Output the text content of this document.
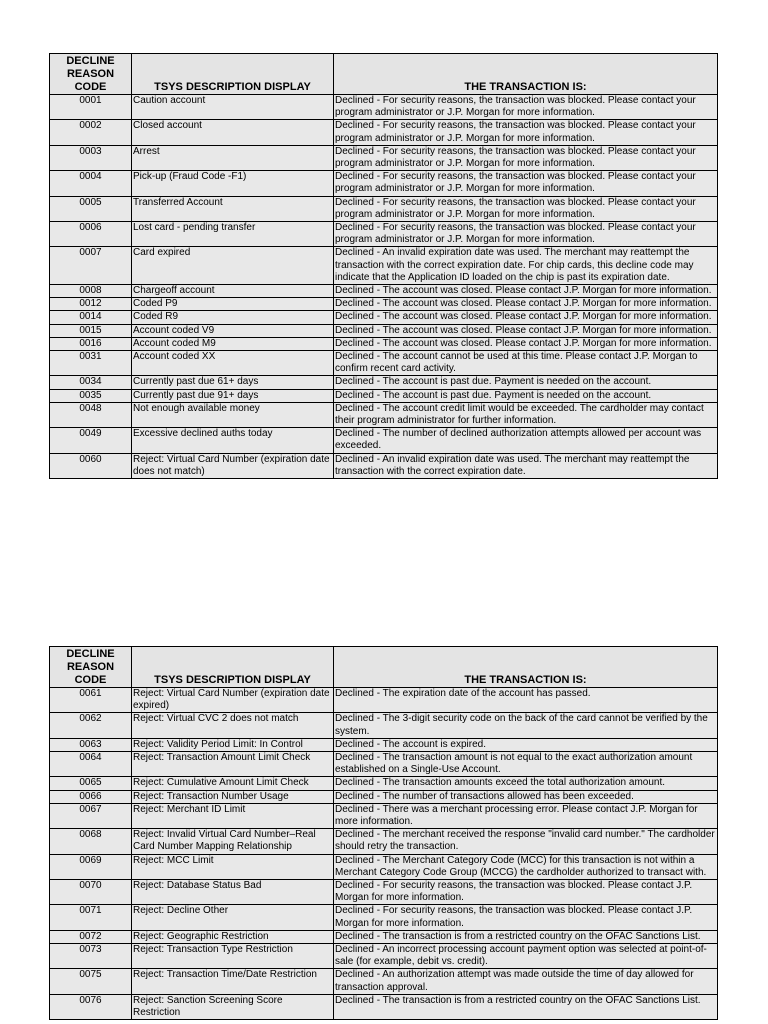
DECLINE
REASON
CODE	TSYS DESCRIPTION DISPLAY	THE TRANSACTION IS:
0001	Caution account	Declined - For security reasons, the transaction was blocked. Please contact your program administrator or J.P. Morgan for more information.
0002	Closed account	Declined - For security reasons, the transaction was blocked. Please contact your program administrator or J.P. Morgan for more information.
0003	Arrest	Declined - For security reasons, the transaction was blocked. Please contact your program administrator or J.P. Morgan for more information.
0004	Pick-up (Fraud Code -F1)	Declined - For security reasons, the transaction was blocked. Please contact your program administrator or J.P. Morgan for more information.
0005	Transferred Account	Declined - For security reasons, the transaction was blocked. Please contact your program administrator or J.P. Morgan for more information.
0006	Lost card - pending transfer	Declined - For security reasons, the transaction was blocked. Please contact your program administrator or J.P. Morgan for more information.
0007	Card expired	Declined - An invalid expiration date was used. The merchant may reattempt the transaction with the correct expiration date. For chip cards, this decline code may indicate that the Application ID loaded on the chip is past its expiration date.
0008	Chargeoff account	Declined - The account was closed. Please contact J.P. Morgan for more information.
0012	Coded P9	Declined - The account was closed. Please contact J.P. Morgan for more information.
0014	Coded R9	Declined - The account was closed. Please contact J.P. Morgan for more information.
0015	Account coded V9	Declined - The account was closed. Please contact J.P. Morgan for more information.
0016	Account coded M9	Declined - The account was closed. Please contact J.P. Morgan for more information.
0031	Account coded XX	Declined - The account cannot be used at this time. Please contact J.P. Morgan to confirm recent card activity.
0034	Currently past due 61+ days	Declined - The account is past due. Payment is needed on the account.
0035	Currently past due 91+ days	Declined - The account is past due. Payment is needed on the account.
0048	Not enough available money	Declined - The account credit limit would be exceeded. The cardholder may contact their program administrator for further information.
0049	Excessive declined auths today	Declined - The number of declined authorization attempts allowed per account was exceeded.
0060	Reject: Virtual Card Number (expiration date does not match)	Declined - An invalid expiration date was used. The merchant may reattempt the transaction with the correct expiration date.
DECLINE
REASON
CODE	TSYS DESCRIPTION DISPLAY	THE TRANSACTION IS:
0061	Reject: Virtual Card Number (expiration date expired)	Declined - The expiration date of the account has passed.
0062	Reject: Virtual CVC 2 does not match	Declined - The 3-digit security code on the back of the card cannot be verified by the system.
0063	Reject: Validity Period Limit: In Control	Declined - The account is expired.
0064	Reject: Transaction Amount Limit Check	Declined - The transaction amount is not equal to the exact authorization amount established on a Single-Use Account.
0065	Reject: Cumulative Amount Limit Check	Declined - The transaction amounts exceed the total authorization amount.
0066	Reject: Transaction Number Usage	Declined - The number of transactions allowed has been exceeded.
0067	Reject: Merchant ID Limit	Declined - There was a merchant processing error. Please contact J.P. Morgan for more information.
0068	Reject: Invalid Virtual Card Number–Real Card Number Mapping Relationship	Declined - The merchant received the response "invalid card number." The cardholder should retry the transaction.
0069	Reject: MCC Limit	Declined - The Merchant Category Code (MCC) for this transaction is not within a Merchant Category Code Group (MCCG) the cardholder authorized to transact with.
0070	Reject: Database Status Bad	Declined - For security reasons, the transaction was blocked. Please contact J.P. Morgan for more information.
0071	Reject: Decline Other	Declined - For security reasons, the transaction was blocked. Please contact J.P. Morgan for more information.
0072	Reject: Geographic Restriction	Declined - The transaction is from a restricted country on the OFAC Sanctions List.
0073	Reject: Transaction Type Restriction	Declined - An incorrect processing account payment option was selected at point-of-sale (for example, debit vs. credit).
0075	Reject: Transaction Time/Date Restriction	Declined - An authorization attempt was made outside the time of day allowed for transaction approval.
0076	Reject: Sanction Screening Score Restriction	Declined - The transaction is from a restricted country on the OFAC Sanctions List.
